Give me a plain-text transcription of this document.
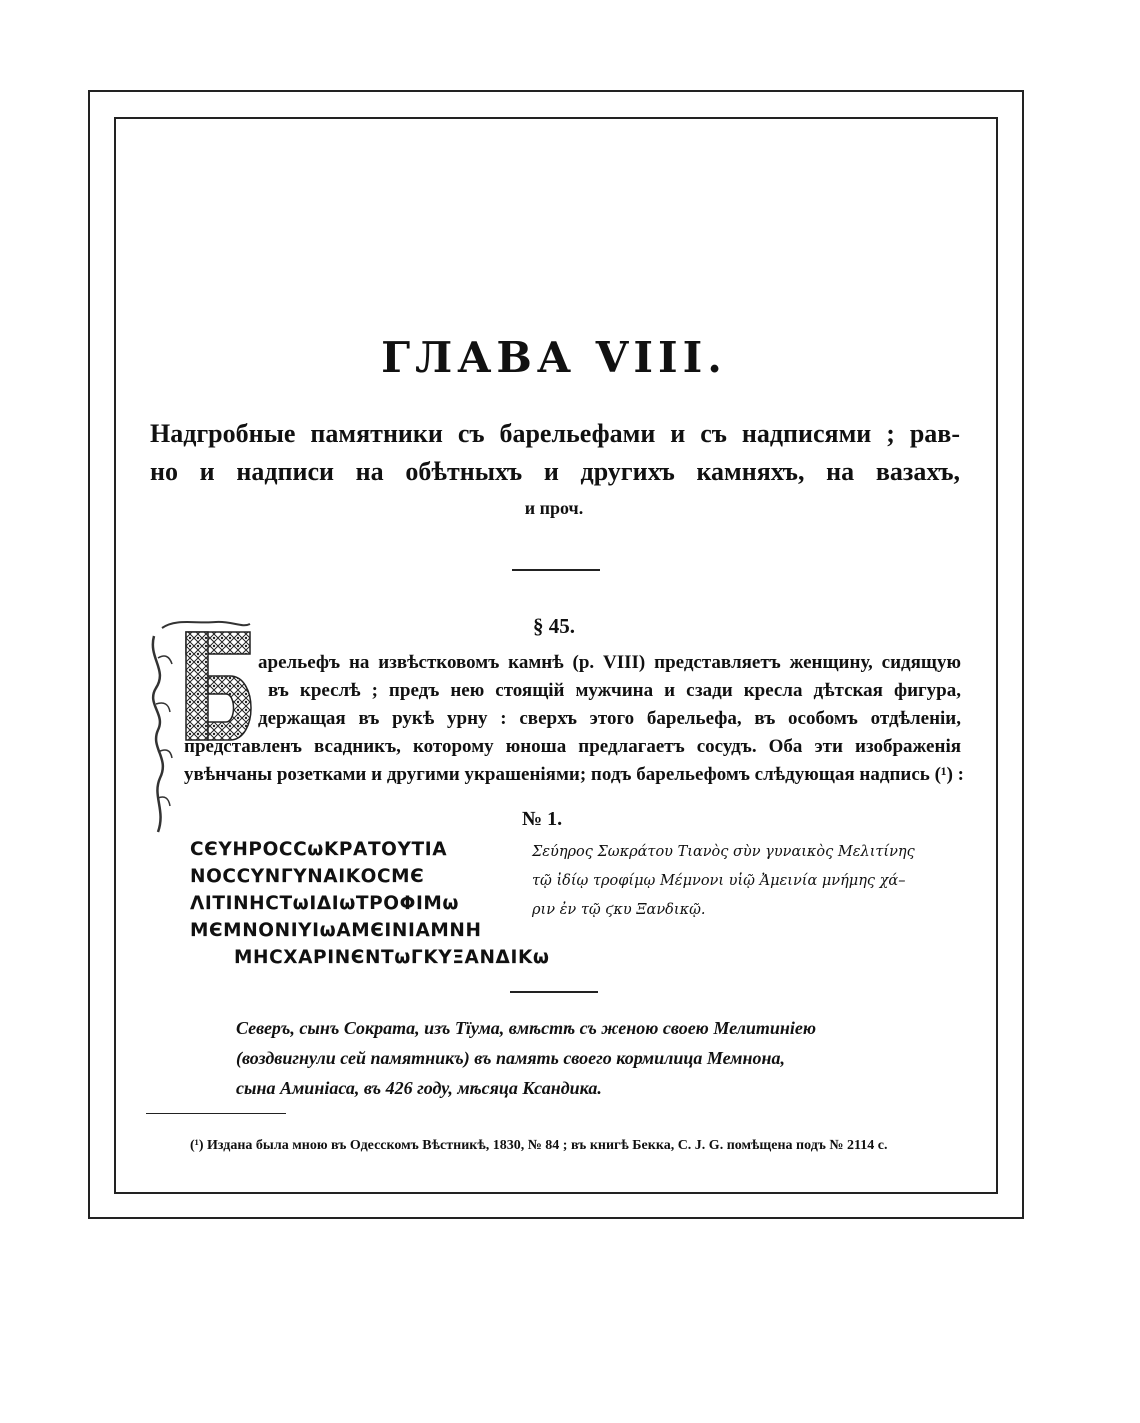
ГЛАВА VIII.
Надгробные памятники съ барельефами и съ надписями ; рав-
но и надписи на обѣтныхъ и другихъ камняхъ, на вазахъ,
и проч.
§ 45.
арельефъ на извѣстковомъ камнѣ (р. VIII) представляетъ женщину, сидящую
въ креслѣ ; предъ нею стоящій мужчина и сзади кресла дѣтская фигура,
держащая въ рукѣ урну : сверхъ этого барельефа, въ особомъ отдѣленіи,
представленъ всадникъ, которому юноша предлагаетъ сосудъ. Оба эти изображенія
увѣнчаны розетками и другими украшеніями; подъ барельефомъ слѣдующая надпись (¹) :
№ 1.
СЄΥΗΡΟϹϹωΚΡΑΤΟΥΤΙΑ
ΝΟϹϹΥΝΓΥΝΑΙΚΟϹΜЄ
ΛΙΤΙΝΗϹΤωΙΔΙωΤΡΟΦΙΜω
ΜЄΜΝΟΝΙΥΙωΑΜЄΙΝΙΑΜΝΗ
ΜΗϹΧΑΡΙΝЄΝΤωΓΚΥΞΑΝΔΙΚω
Σεύηρος Σωκράτου Τιανὸς σὺν γυναικὸς Μελιτίνης
τῷ ἰδίῳ τροφίμῳ Μέμνονι υἱῷ Ἀμεινία μνήμης χά–
ριν ἐν τῷ ϛκυ Ξανδικῷ.
Северъ, сынъ Сократа, изъ Тїума, вмѣстѣ съ женою своею Мелитиніею
(воздвигнули сей памятникъ) въ память своего кормилица Мемнона,
сына Аминіаса, въ 426 году, мѣсяца Ксандика.
(¹) Издана была мною въ Одесскомъ Вѣстникѣ, 1830, № 84 ; въ книгѣ Бекка, C. J. G. помѣщена подъ № 2114 c.
